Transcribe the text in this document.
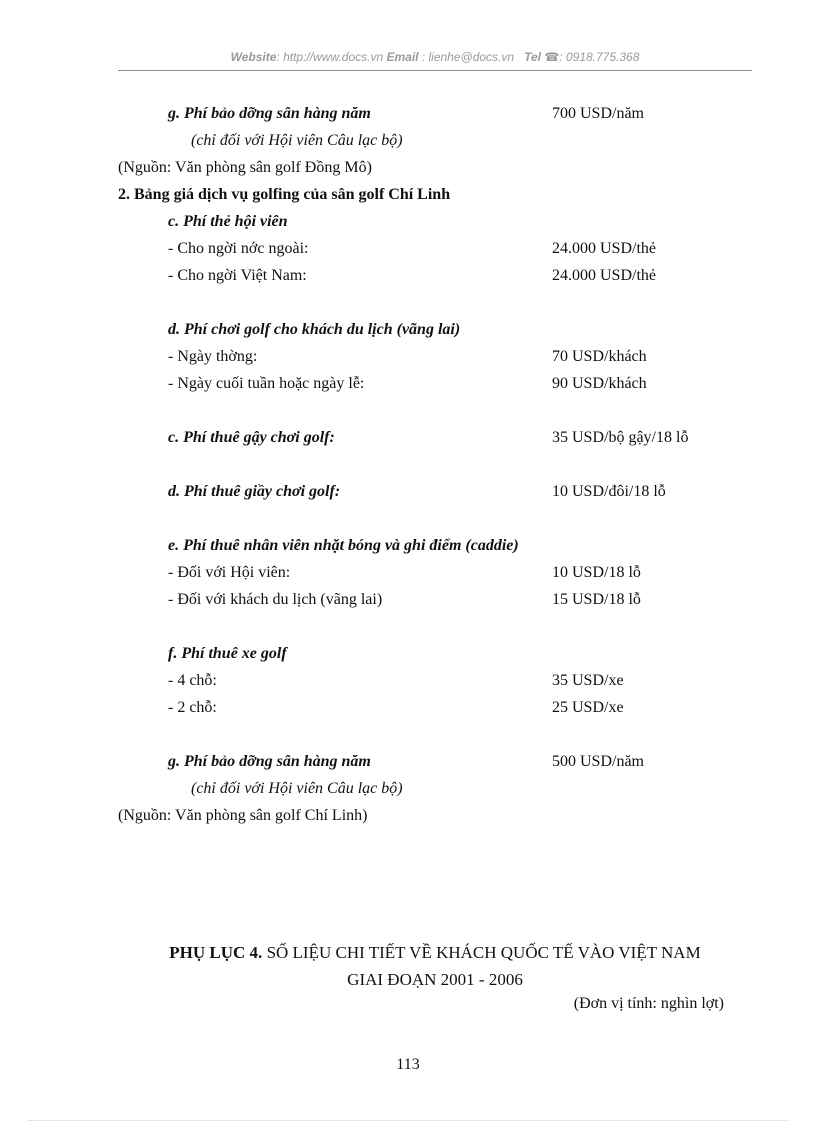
Website: http://www.docs.vn Email : lienhe@docs.vn Tel ☎: 0918.775.368
g. Phí bảo dỡng sân hàng năm	700 USD/năm
(chỉ đối với Hội viên Câu lạc bộ)
(Nguồn: Văn phòng sân golf Đồng Mô)
2. Bảng giá dịch vụ golfing của sân golf Chí Linh
c. Phí thẻ hội viên
- Cho ngời nớc ngoài:	24.000 USD/thẻ
- Cho ngời Việt Nam:	24.000 USD/thẻ
d. Phí chơi golf cho khách du lịch (vãng lai)
- Ngày thờng:	70 USD/khách
- Ngày cuối tuần hoặc ngày lễ:	90 USD/khách
c. Phí thuê gậy chơi golf:	35 USD/bộ gậy/18 lỗ
d. Phí thuê giầy chơi golf:	10 USD/đôi/18 lỗ
e. Phí thuê nhân viên nhặt bóng và ghi điểm (caddie)
- Đối với Hội viên:	10 USD/18 lỗ
- Đối với khách du lịch (vãng lai)	15 USD/18 lỗ
f. Phí thuê xe golf
- 4 chỗ:	35 USD/xe
- 2 chỗ:	25 USD/xe
g. Phí bảo dỡng sân hàng năm	500 USD/năm
(chỉ đối với Hội viên Câu lạc bộ)
(Nguồn: Văn phòng sân golf Chí Linh)
PHỤ LỤC 4. SỐ LIỆU CHI TIẾT VỀ KHÁCH QUỐC TẾ VÀO VIỆT NAM
GIAI ĐOẠN 2001 - 2006
(Đơn vị tính: nghìn lợt)
113
